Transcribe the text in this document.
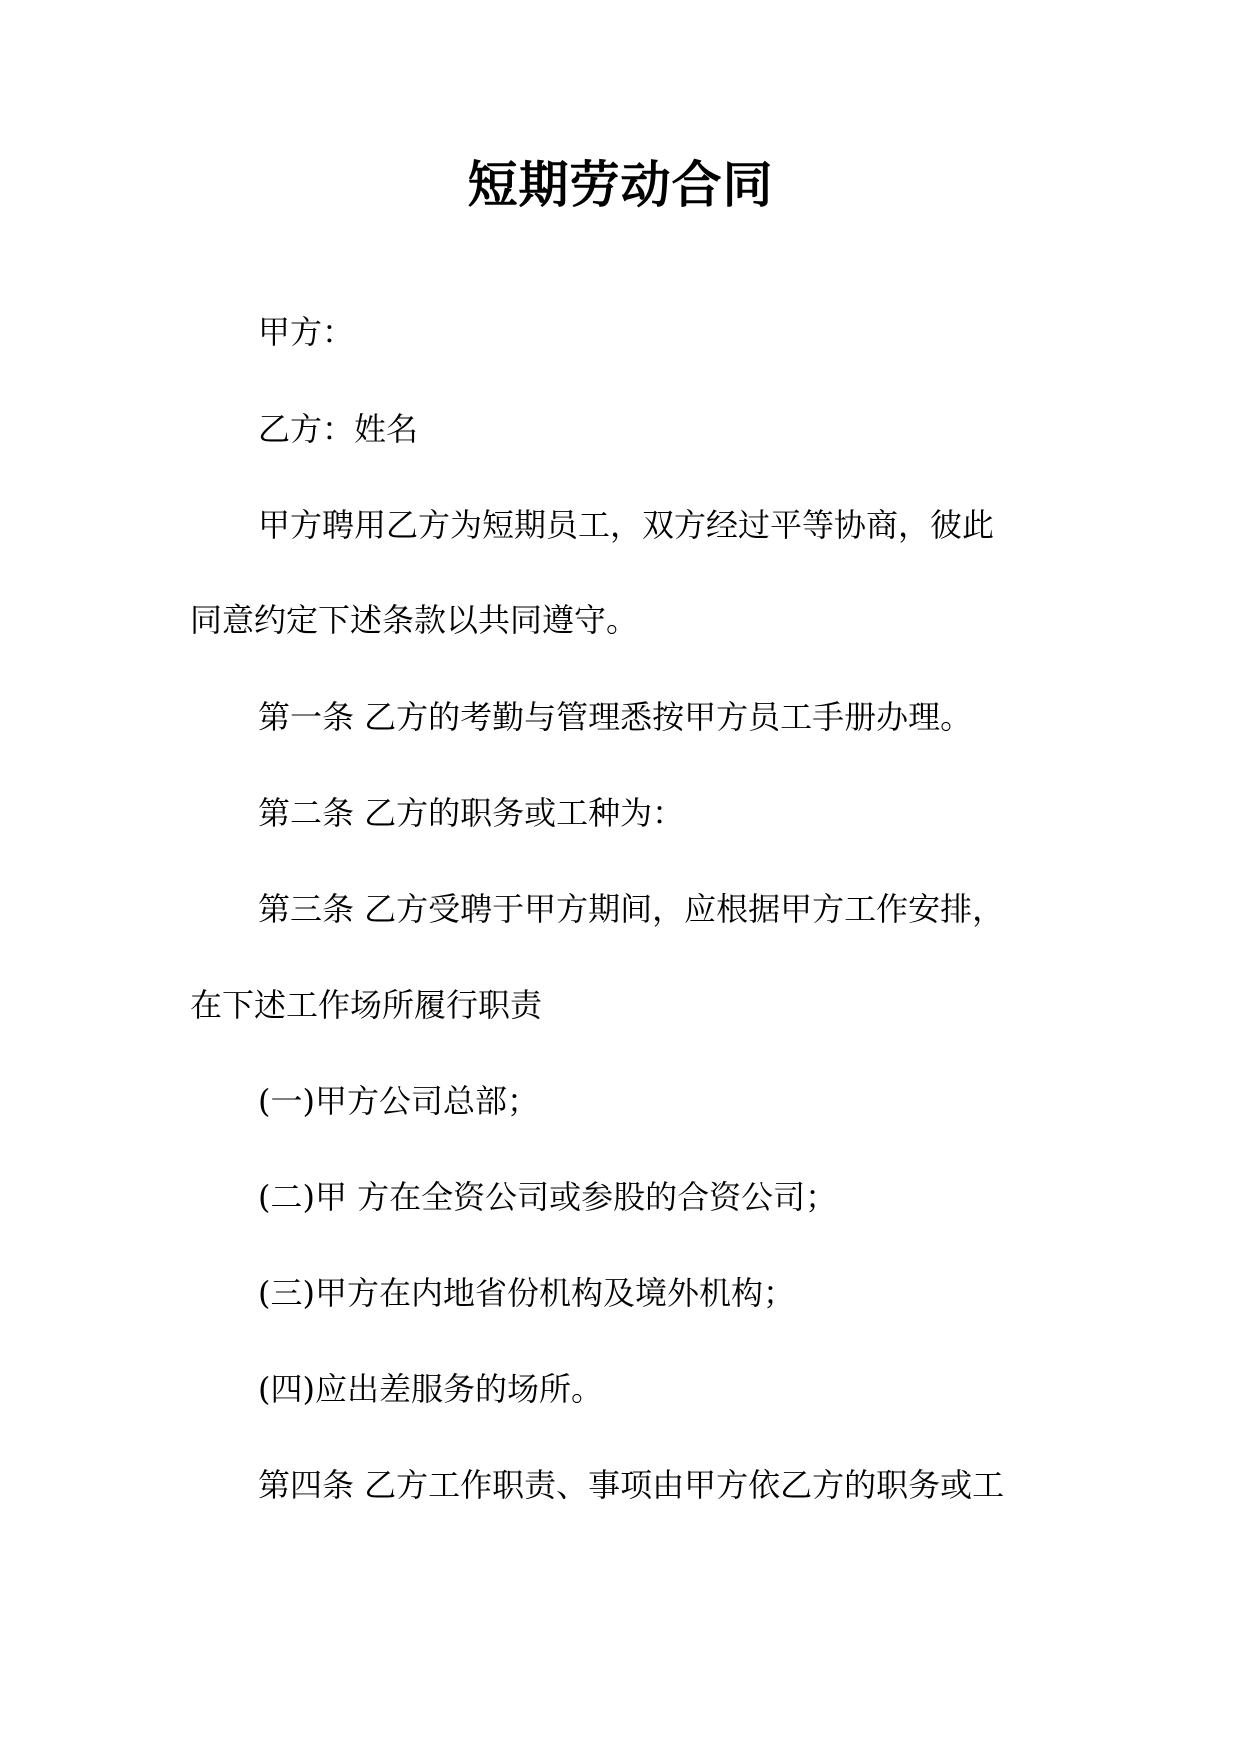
短期劳动合同
甲方：
乙方：姓名
甲方聘用乙方为短期员工，双方经过平等协商，彼此
同意约定下述条款以共同遵守。
第一条 乙方的考勤与管理悉按甲方员工手册办理。
第二条 乙方的职务或工种为：
第三条 乙方受聘于甲方期间，应根据甲方工作安排，
在下述工作场所履行职责
(一)甲方公司总部；
(二)甲 方在全资公司或参股的合资公司；
(三)甲方在内地省份机构及境外机构；
(四)应出差服务的场所。
第四条 乙方工作职责、事项由甲方依乙方的职务或工
